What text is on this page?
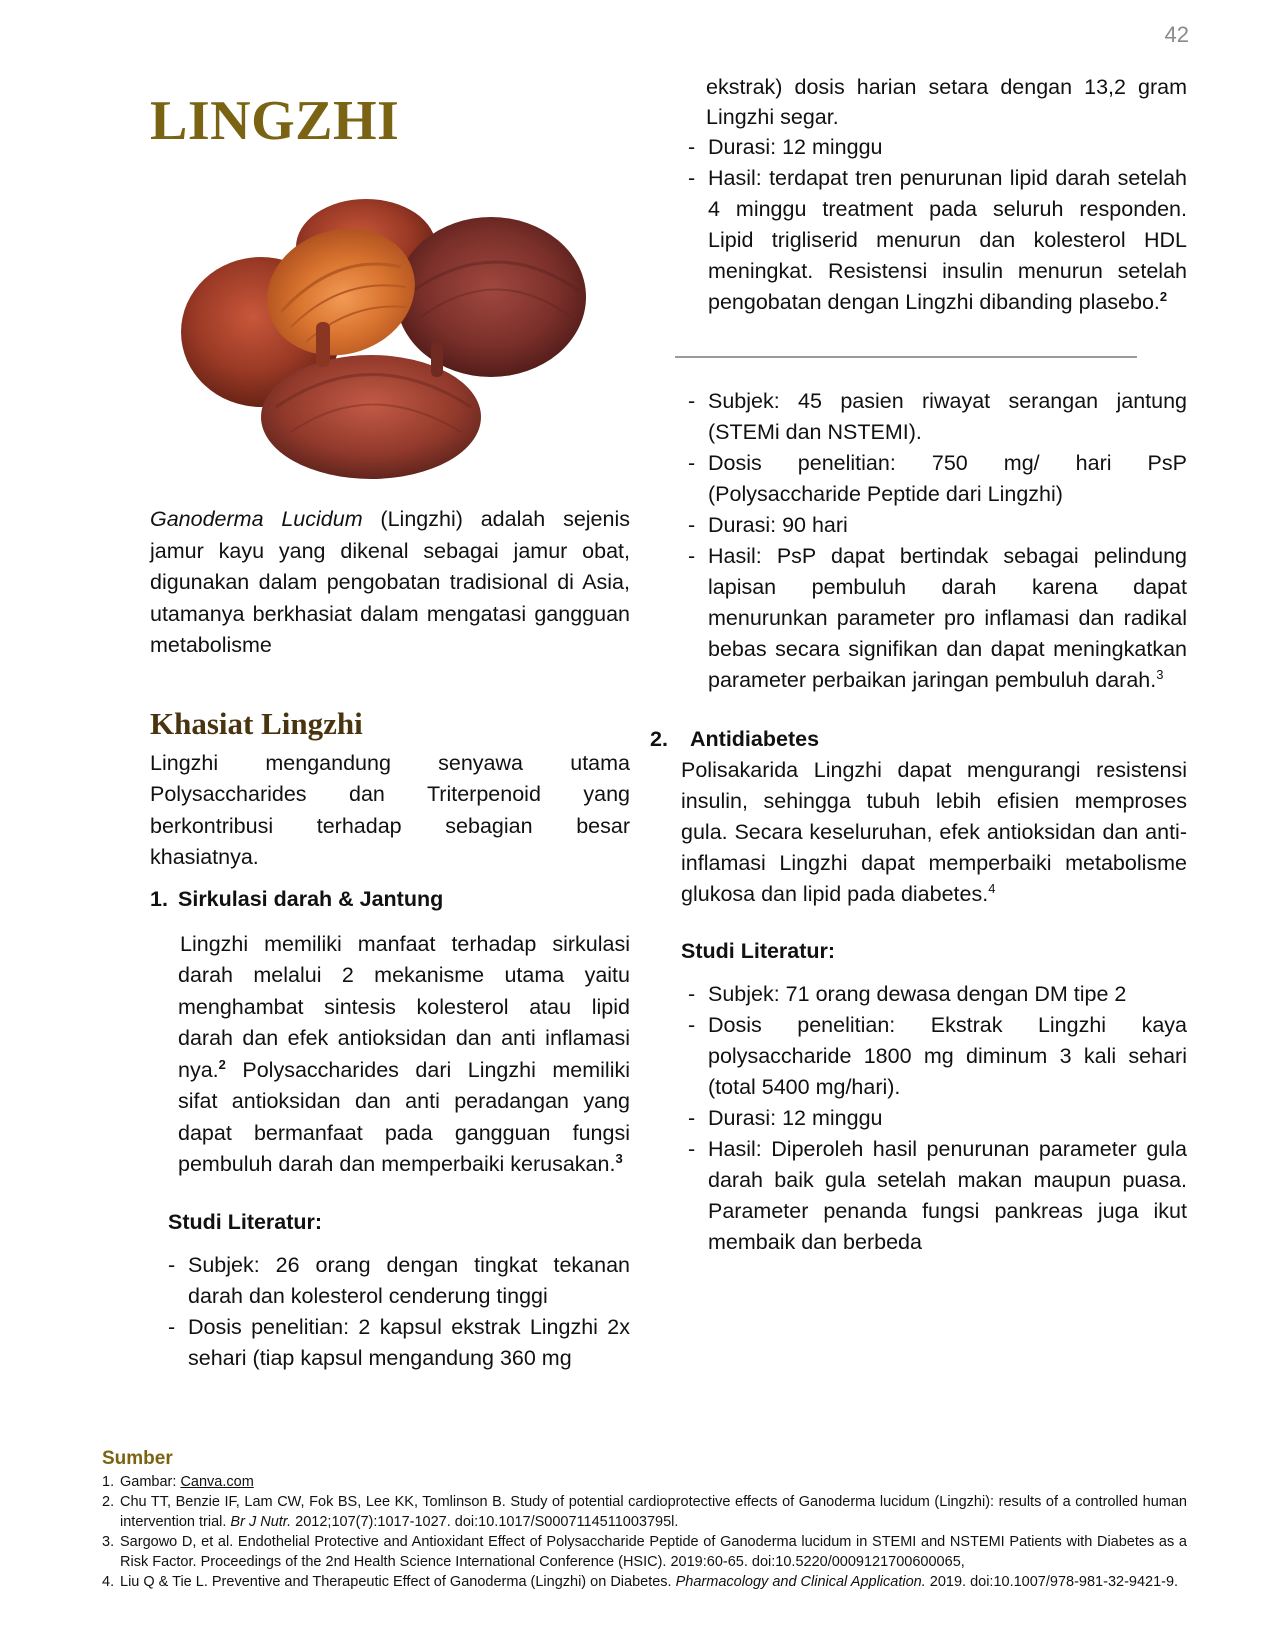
42
LINGZHI

Ganoderma Lucidum (Lingzhi) adalah sejenis jamur kayu yang dikenal sebagai jamur obat, digunakan dalam pengobatan tradisional di Asia, utamanya berkhasiat dalam mengatasi gangguan metabolisme

Khasiat Lingzhi

Lingzhi mengandung senyawa utama Polysaccharides dan Triterpenoid yang berkontribusi terhadap sebagian besar khasiatnya.

1. Sirkulasi darah & Jantung

Lingzhi memiliki manfaat terhadap sirkulasi darah melalui 2 mekanisme utama yaitu menghambat sintesis kolesterol atau lipid darah dan efek antioksidan dan anti inflamasi nya.$^2$ Polysaccharides dari Lingzhi memiliki sifat antioksidan dan anti peradangan yang dapat bermanfaat pada gangguan fungsi pembuluh darah dan memperbaiki kerusakan.$^3$

Studi Literatur:
- Subjek: 26 orang dengan tingkat tekanan darah dan kolesterol cenderung tinggi
- Dosis penelitian: 2 kapsul ekstrak Lingzhi 2x sehari (tiap kapsul mengandung 360 mg

ekstrak) dosis harian setara dengan 13,2 gram Lingzhi segar.

- Durasi: 12 minggu
- Hasil: terdapat tren penurunan lipid darah setelah 4 minggu treatment pada seluruh responden. Lipid trigliserid menurun dan kolesterol HDL meningkat. Resistensi insulin menurun setelah pengobatan dengan Lingzhi dibanding plasebo.$^2$
- Subjek: 45 pasien riwayat serangan jantung (STEMi dan NSTEMI).
- Dosis penelitian: 750 mg/ hari PsP (Polysaccharide Peptide dari Lingzhi)
- Durasi: 90 hari
- Hasil: PsP dapat bertindak sebagai pelindung lapisan pembuluh darah karena dapat menurunkan parameter pro inflamasi dan radikal bebas secara signifikan dan dapat meningkatkan parameter perbaikan jaringan pembuluh darah.$^3$
2.	Antidiabetes

Polisakarida Lingzhi dapat mengurangi resistensi insulin, sehingga tubuh lebih efisien memproses gula. Secara keseluruhan, efek antioksidan dan anti-inflamasi Lingzhi dapat memperbaiki metabolisme glukosa dan lipid pada diabetes.$^4$

Studi Literatur:
- Subjek: 71 orang dewasa dengan DM tipe 2
- Dosis penelitian: Ekstrak Lingzhi kaya polysaccharide 1800 mg diminum 3 kali sehari (total 5400 mg/hari).
- Durasi: 12 minggu
- Hasil: Diperoleh hasil penurunan parameter gula darah baik gula setelah makan maupun puasa. Parameter penanda fungsi pankreas juga ikut membaik dan berbeda
Sumber
1. Gambar: Canva.com
2. Chu TT, Benzie IF, Lam CW, Fok BS, Lee KK, Tomlinson B. Study of potential cardioprotective effects of Ganoderma lucidum (Lingzhi): results of a controlled human intervention trial. Br J Nutr. 2012;107(7):1017-1027. doi:10.1017/S0007114511003795l.
3. Sargowo D, et al. Endothelial Protective and Antioxidant Effect of Polysaccharide Peptide of Ganoderma lucidum in STEMI and NSTEMI Patients with Diabetes as a Risk Factor. Proceedings of the 2nd Health Science International Conference (HSIC). 2019:60-65. doi:10.5220/0009121700600065,
4. Liu Q & Tie L. Preventive and Therapeutic Effect of Ganoderma (Lingzhi) on Diabetes. Pharmacology and Clinical Application. 2019. doi:10.1007/978-981-32-9421-9.
